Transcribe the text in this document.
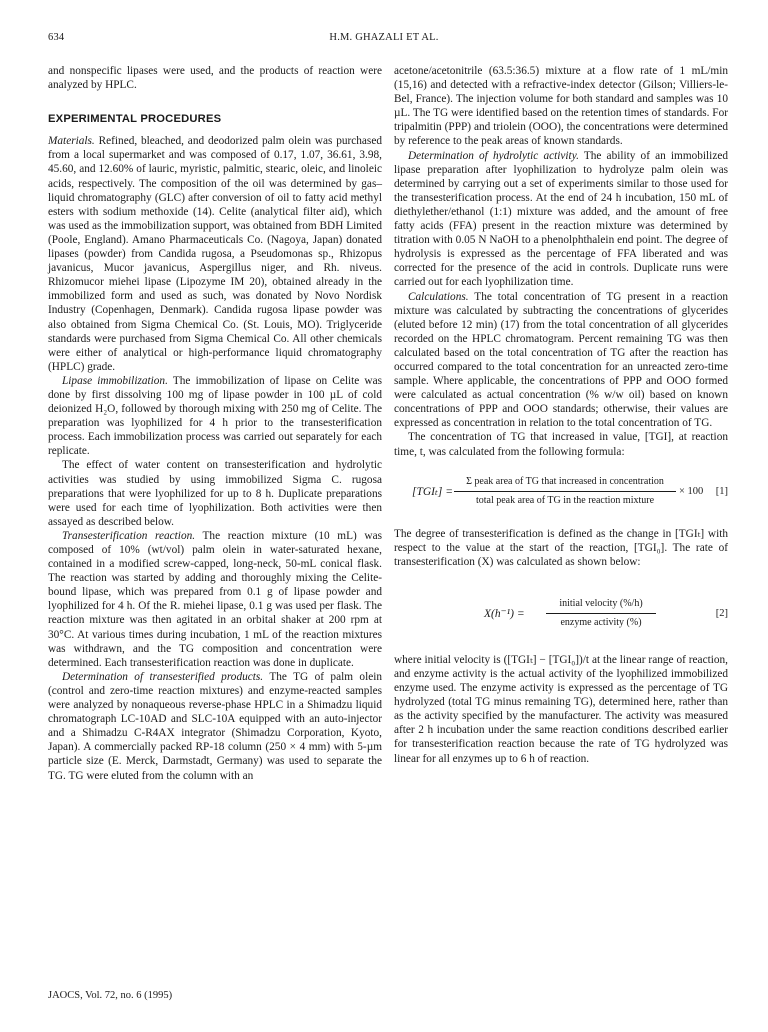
634	H.M. GHAZALI ET AL.

and nonspecific lipases were used, and the products of reaction were analyzed by HPLC.

EXPERIMENTAL PROCEDURES

Materials. Refined, bleached, and deodorized palm olein was purchased from a local supermarket and was composed of 0.17, 1.07, 36.61, 3.98, 45.60, and 12.60% of lauric, myristic, palmitic, stearic, oleic, and linoleic acids, respectively. The composition of the oil was determined by gas–liquid chromatography (GLC) after conversion of oil to fatty acid methyl esters with sodium methoxide (14). Celite (analytical filter aid), which was used as the immobilization support, was obtained from BDH Limited (Poole, England). Amano Pharmaceuticals Co. (Nagoya, Japan) donated lipases (powder) from Candida rugosa, a Pseudomonas sp., Rhizopus javanicus, Mucor javanicus, Aspergillus niger, and Rh. niveus. Rhizomucor miehei lipase (Lipozyme IM 20), obtained already in the immobilized form and used as such, was donated by Novo Nordisk Industry (Copenhagen, Denmark). Candida rugosa lipase powder was also obtained from Sigma Chemical Co. (St. Louis, MO). Triglyceride standards were purchased from Sigma Chemical Co. All other chemicals were either of analytical or high-performance liquid chromatography (HPLC) grade.

Lipase immobilization. The immobilization of lipase on Celite was done by first dissolving 100 mg of lipase powder in 100 µL of cold deionized H₂O, followed by thorough mixing with 250 mg of Celite. The preparation was lyophilized for 4 h prior to the transesterification process. Each immobilization process was carried out separately for each replicate.

The effect of water content on transesterification and hydrolytic activities was studied by using immobilized Sigma C. rugosa preparations that were lyophilized for up to 8 h. Duplicate preparations were used for each time of lyophilization. Both activities were then assayed as described below.

Transesterification reaction. The reaction mixture (10 mL) was composed of 10% (wt/vol) palm olein in water-saturated hexane, contained in a modified screw-capped, long-neck, 50-mL conical flask. The reaction was started by adding and thoroughly mixing the Celite-bound lipase, which was prepared from 0.1 g of lipase powder and lyophilized for 4 h. Of the R. miehei lipase, 0.1 g was used per flask. The reaction mixture was then agitated in an orbital shaker at 200 rpm at 30°C. At various times during incubation, 1 mL of the reaction mixtures was withdrawn, and the TG composition and concentration were determined. Each transesterification reaction was done in duplicate.

Determination of transesterified products. The TG of palm olein (control and zero-time reaction mixtures) and enzyme-reacted samples were analyzed by nonaqueous reverse-phase HPLC in a Shimadzu liquid chromatograph LC-10AD and SLC-10A equipped with an auto-injector and a Shimadzu C-R4AX integrator (Shimadzu Corporation, Kyoto, Japan). A commercially packed RP-18 column (250 × 4 mm) with 5-µm particle size (E. Merck, Darmstadt, Germany) was used to separate the TG. TG were eluted from the column with an

acetone/acetonitrile (63.5:36.5) mixture at a flow rate of 1 mL/min (15,16) and detected with a refractive-index detector (Gilson; Villiers-le-Bel, France). The injection volume for both standard and samples was 10 µL. The TG were identified based on the retention times of standards. For tripalmitin (PPP) and triolein (OOO), the concentrations were determined by reference to the peak areas of known standards.

Determination of hydrolytic activity. The ability of an immobilized lipase preparation after lyophilization to hydrolyze palm olein was determined by carrying out a set of experiments similar to those used for the transesterification process. At the end of 24 h incubation, 150 mL of diethylether/ethanol (1:1) mixture was added, and the amount of free fatty acids (FFA) present in the reaction mixture was determined by titration with 0.05 N NaOH to a phenolphthalein end point. The degree of hydrolysis is expressed as the percentage of FFA liberated and was corrected for the presence of the acid in controls. Duplicate runs were carried out for each lyophilization time.

Calculations. The total concentration of TG present in a reaction mixture was calculated by subtracting the concentrations of glycerides (eluted before 12 min) (17) from the total concentration of all glycerides recorded on the HPLC chromatogram. Percent remaining TG was then calculated based on the total concentration of TG after the reaction has occurred compared to the total concentration for an unreacted zero-time sample. Where applicable, the concentrations of PPP and OOO formed were calculated as actual concentration (% w/w oil) based on known concentrations of PPP and OOO standards; otherwise, their values are expressed as concentration in relation to the total concentration of TG.

The concentration of TG that increased in value, [TGI], at reaction time, t, was calculated from the following formula:

[TGIₜ] =
Σ peak area of TG that increased in concentration
total peak area of TG in the reaction mixture
× 100 [1]

The degree of transesterification is defined as the change in [TGIₜ] with respect to the value at the start of the reaction, [TGI₀]. The rate of transesterification (X) was calculated as shown below:

X(h⁻¹) =
initial velocity (%/h)
enzyme activity (%)
[2]

where initial velocity is ([TGIₜ] − [TGI₀])/t at the linear range of reaction, and enzyme activity is the actual activity of the lyophilized immobilized enzyme used. The enzyme activity is expressed as the percentage of TG hydrolyzed (total TG minus remaining TG), determined here, rather than as the activity specified by the manufacturer. The activity was measured after 2 h incubation under the same reaction conditions described earlier for transesterification reaction because the rate of TG hydrolyzed was linear for all enzymes up to 6 h of reaction.

JAOCS, Vol. 72, no. 6 (1995)
